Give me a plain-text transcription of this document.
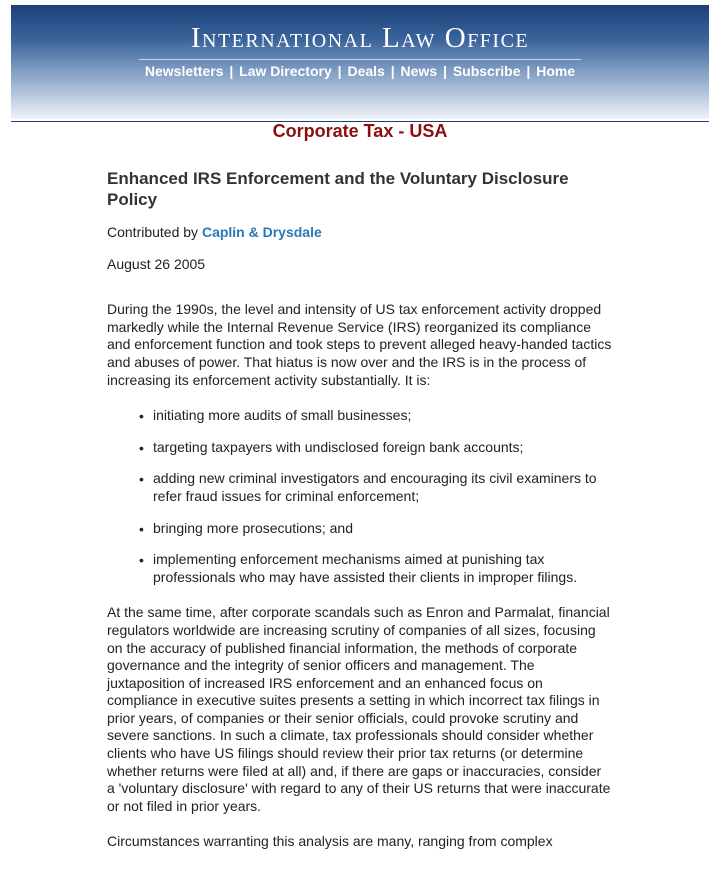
International Law Office
Newsletters | Law Directory | Deals | News | Subscribe | Home
Corporate Tax - USA
Enhanced IRS Enforcement and the Voluntary Disclosure Policy
Contributed by Caplin & Drysdale
August 26 2005

During the 1990s, the level and intensity of US tax enforcement activity dropped markedly while the Internal Revenue Service (IRS) reorganized its compliance and enforcement function and took steps to prevent alleged heavy-handed tactics and abuses of power. That hiatus is now over and the IRS is in the process of increasing its enforcement activity substantially. It is:

• initiating more audits of small businesses;
• targeting taxpayers with undisclosed foreign bank accounts;
• adding new criminal investigators and encouraging its civil examiners to refer fraud issues for criminal enforcement;
• bringing more prosecutions; and
• implementing enforcement mechanisms aimed at punishing tax professionals who may have assisted their clients in improper filings.

At the same time, after corporate scandals such as Enron and Parmalat, financial regulators worldwide are increasing scrutiny of companies of all sizes, focusing on the accuracy of published financial information, the methods of corporate governance and the integrity of senior officers and management. The juxtaposition of increased IRS enforcement and an enhanced focus on compliance in executive suites presents a setting in which incorrect tax filings in prior years, of companies or their senior officials, could provoke scrutiny and severe sanctions. In such a climate, tax professionals should consider whether clients who have US filings should review their prior tax returns (or determine whether returns were filed at all) and, if there are gaps or inaccuracies, consider a 'voluntary disclosure' with regard to any of their US returns that were inaccurate or not filed in prior years.

Circumstances warranting this analysis are many, ranging from complex
